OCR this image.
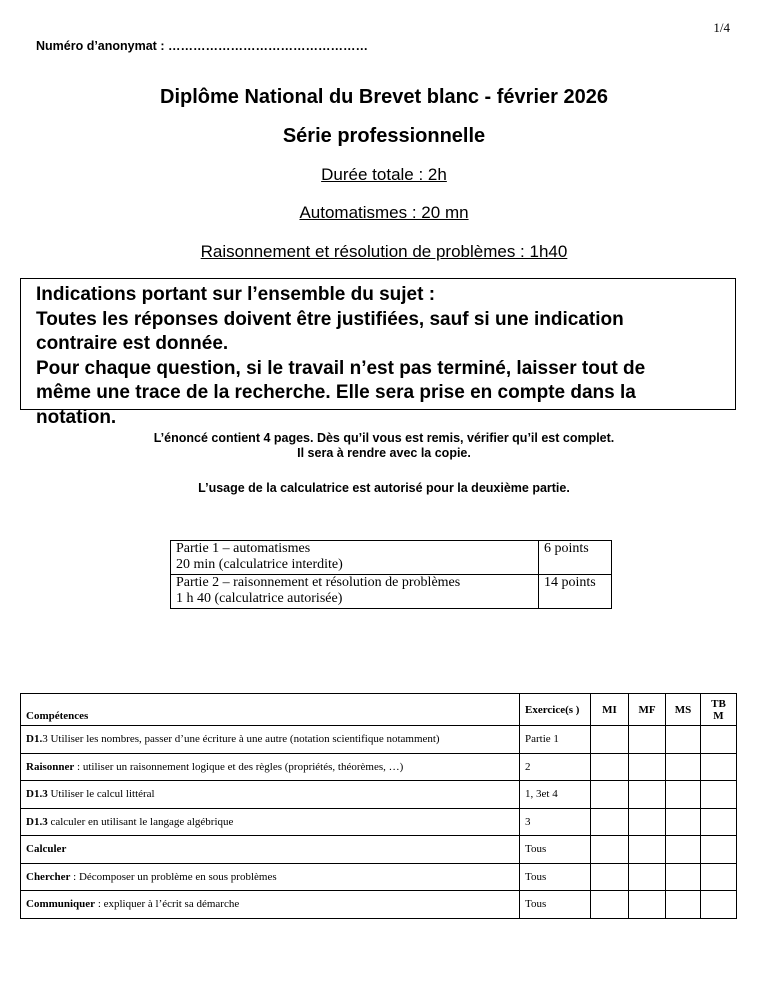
1/4
Numéro d’anonymat : …………………………………………
Diplôme National du Brevet blanc - février 2026
Série professionnelle
Durée totale : 2h
Automatismes : 20 mn
Raisonnement et résolution de problèmes : 1h40
Indications portant sur l’ensemble du sujet :
Toutes les réponses doivent être justifiées, sauf si une indication
contraire est donnée.
Pour chaque question, si le travail n’est pas terminé, laisser tout de
même une trace de la recherche. Elle sera prise en compte dans la
notation.
L’énoncé contient 4 pages. Dès qu’il vous est remis, vérifier qu’il est complet.
Il sera à rendre avec la copie.
L’usage de la calculatrice est autorisé pour la deuxième partie.
Partie 1 – automatismes
20 min (calculatrice interdite)	6 points

Partie 2 – raisonnement et résolution de problèmes
1 h 40 (calculatrice autorisée)	14 points
Compétences	Exercice(s )	MI	MF	MS	TB M
D1.3 Utiliser les nombres, passer d’une écriture à une autre (notation scientifique notamment)	Partie 1				
Raisonner : utiliser un raisonnement logique et des règles (propriétés, théorèmes, …)	2				
D1.3 Utiliser le calcul littéral	1, 3et 4				
D1.3 calculer en utilisant le langage algébrique	3				
Calculer	Tous				
Chercher : Décomposer un problème en sous problèmes	Tous				
Communiquer : expliquer à l’écrit sa démarche	Tous				
